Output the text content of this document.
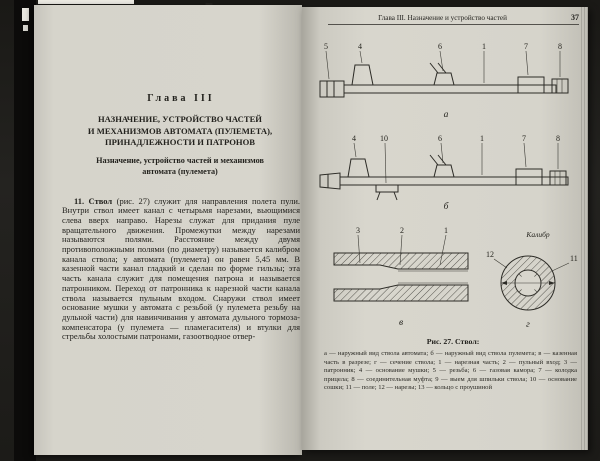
Глава III
НАЗНАЧЕНИЕ, УСТРОЙСТВО ЧАСТЕЙ
И МЕХАНИЗМОВ АВТОМАТА (ПУЛЕМЕТА),
ПРИНАДЛЕЖНОСТИ И ПАТРОНОВ
Назначение, устройство частей и механизмов
автомата (пулемета)

11. Ствол (рис. 27) служит для направления полета пули. Внутри ствол имеет канал с четырьмя нарезами, вьющимися слева вверх направо. Нарезы служат для придания пуле вращательного движения. Промежутки между нарезами называются полями. Расстояние между двумя противоположными полями (по диаметру) называется калибром канала ствола; у автомата (пулемета) он равен 5,45 мм. В казенной части канал гладкий и сделан по форме гильзы; эта часть канала служит для помещения патрона и называется патронником. Переход от патронника к нарезной части канала ствола называется пульным входом. Снаружи ствол имеет основание мушки у автомата с резьбой (у пулемета резьбу на дульной части) для навинчивания у автомата дульного тормоза-компенсатора (у пулемета — пламегасителя) и втулки для стрельбы холостыми патронами, газоотводное отвер-

Глава III. Назначение и устройство частей	37
5	4	6	1	7	8
а
4	10	6	1	7	8
б
3	2	1
в
Калибр
12	11
г
Рис. 27. Ствол:
а — наружный вид ствола автомата; б — наружный вид ствола пулемета; в — казенная часть в разрезе; г — сечение ствола; 1 — нарезная часть; 2 — пульный вход; 3 — патронник; 4 — основание мушки; 5 — резьба; 6 — газовая камора; 7 — колодка прицела; 8 — соединительная муфта; 9 — выем для шпильки ствола; 10 — основание сошки; 11 — поле; 12 — нарезы; 13 — кольцо с проушиной
